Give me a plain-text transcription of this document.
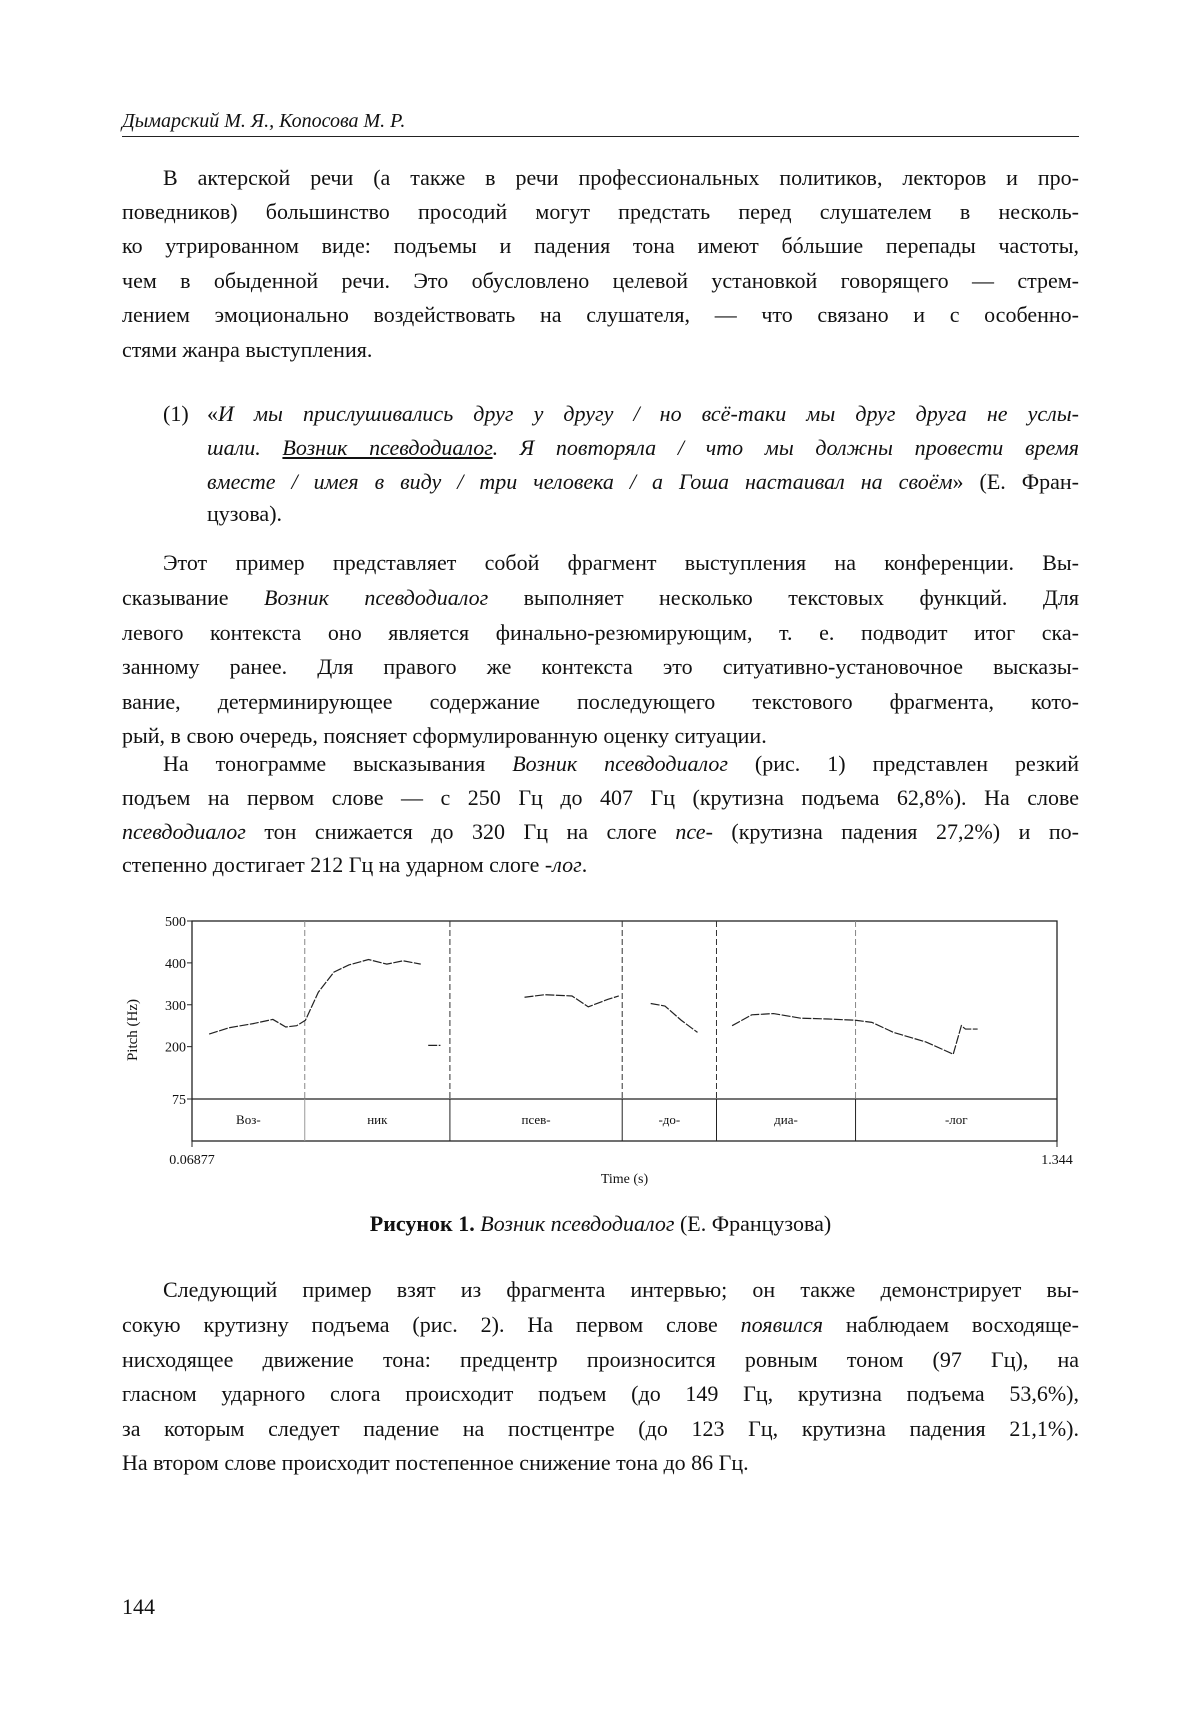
Дымарский М. Я., Копосова М. Р.
В актерской речи (а также в речи профессиональных политиков, лекторов и про-
поведников) большинство просодий могут предстать перед слушателем в несколь-
ко утрированном виде: подъемы и падения тона имеют бóльшие перепады частоты,
чем в обыденной речи. Это обусловлено целевой установкой говорящего — стрем-
лением эмоционально воздействовать на слушателя, — что связано и с особенно-
стями жанра выступления.
(1) «И мы прислушивались друг у другу / но всё-таки мы друг друга не услы-
шали. Возник псевдодиалог. Я повторяла / что мы должны провести время
вместе / имея в виду / три человека / а Гоша настаивал на своём» (Е. Фран-
цузова).
Этот пример представляет собой фрагмент выступления на конференции. Вы-
сказывание Возник псевдодиалог выполняет несколько текстовых функций. Для
левого контекста оно является финально-резюмирующим, т. е. подводит итог ска-
занному ранее. Для правого же контекста это ситуативно-установочное высказы-
вание, детерминирующее содержание последующего текстового фрагмента, кото-
рый, в свою очередь, поясняет сформулированную оценку ситуации.
На тонограмме высказывания Возник псевдодиалог (рис. 1) представлен резкий
подъем на первом слове — с 250 Гц до 407 Гц (крутизна подъема 62,8%). На слове
псевдодиалог тон снижается до 320 Гц на слоге псе- (крутизна падения 27,2%) и по-
степенно достигает 212 Гц на ударном слоге -лог.
Рисунок 1. Возник псевдодиалог (Е. Французова)
Следующий пример взят из фрагмента интервью; он также демонстрирует вы-
сокую крутизну подъема (рис. 2). На первом слове появился наблюдаем восходяще-
нисходящее движение тона: предцентр произносится ровным тоном (97 Гц), на
гласном ударного слога происходит подъем (до 149 Гц, крутизна подъема 53,6%),
за которым следует падение на постцентре (до 123 Гц, крутизна падения 21,1%).
На втором слове происходит постепенное снижение тона до 86 Гц.
Воз-	ник	псев-	-до-	диа-	-лог
500
400
300
200
75
0.06877	1.344
Time (s)
Pitch (Hz)
144
